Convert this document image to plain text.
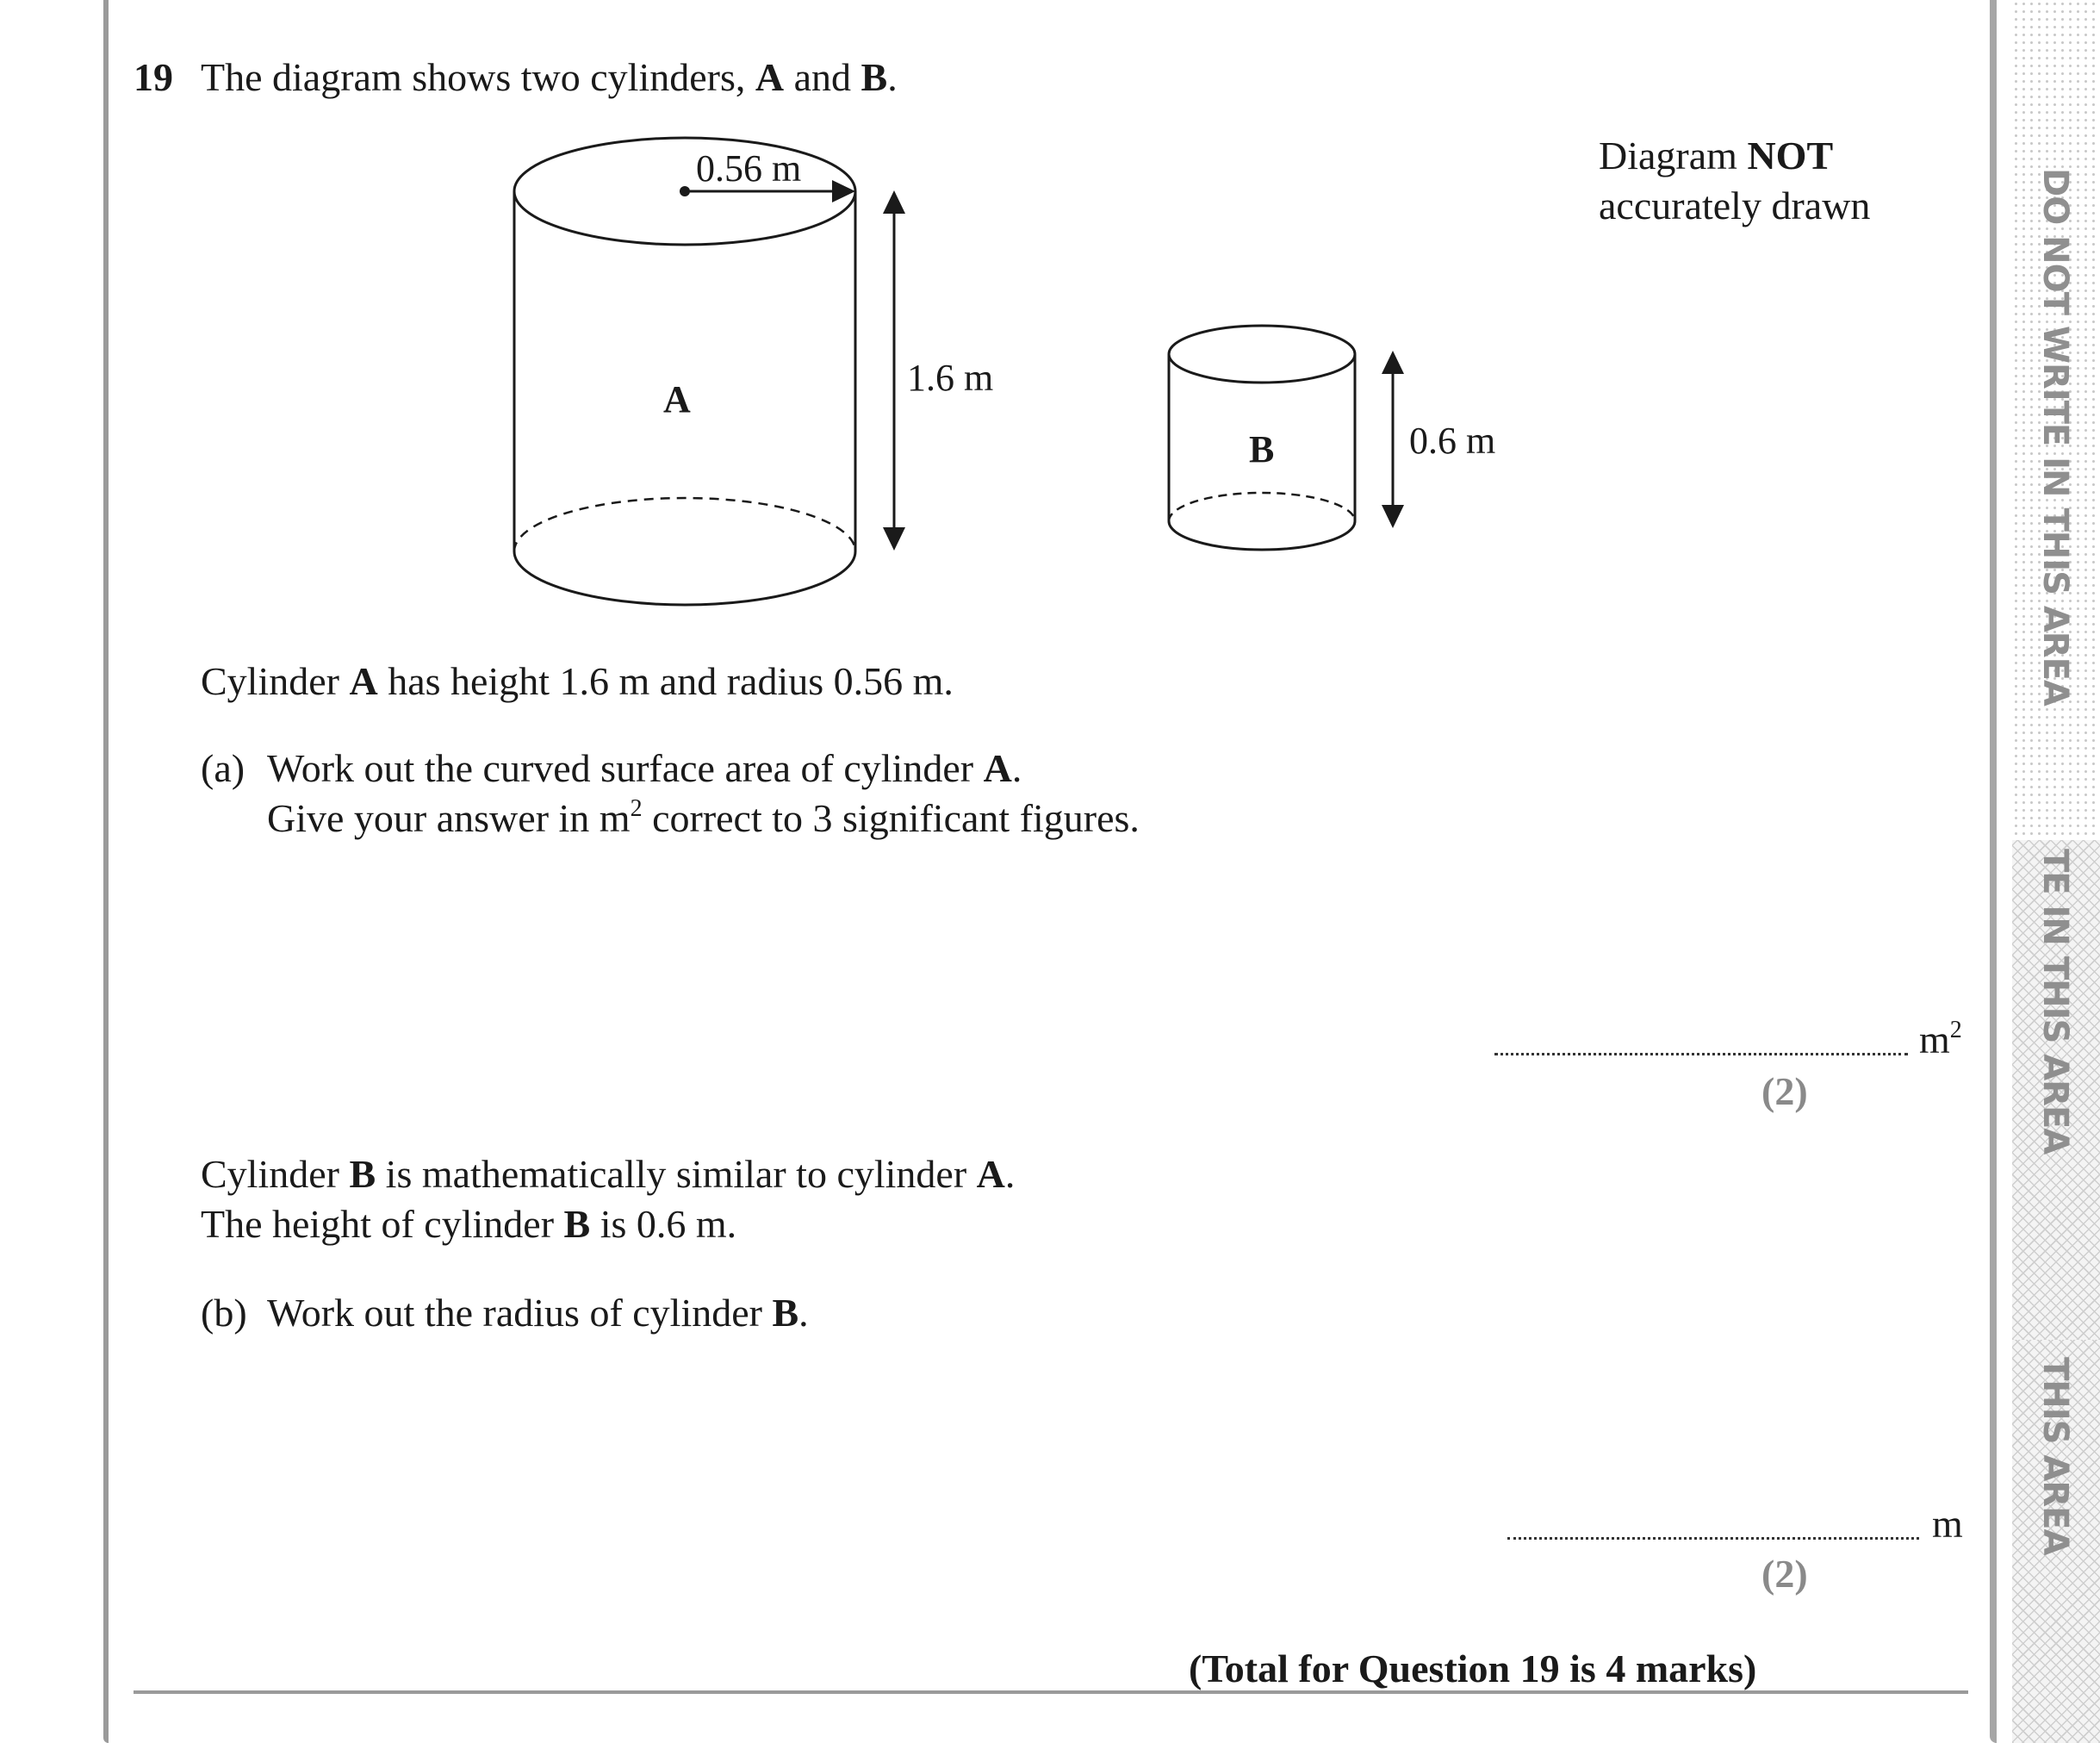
DO NOT WRITE IN THIS AREA
TE IN THIS AREA
THIS AREA
19 The diagram shows two cylinders, A and B.
Diagram NOT
accurately drawn
0.56 m
1.6 m
A
0.6 m
B
Cylinder A has height 1.6 m and radius 0.56 m.
(a) Work out the curved surface area of cylinder A.
Give your answer in $m^2$ correct to 3 significant figures.
$m^2$
(2)
Cylinder B is mathematically similar to cylinder A.
The height of cylinder B is 0.6 m.
(b) Work out the radius of cylinder B.
m
(2)
(Total for Question 19 is 4 marks)
